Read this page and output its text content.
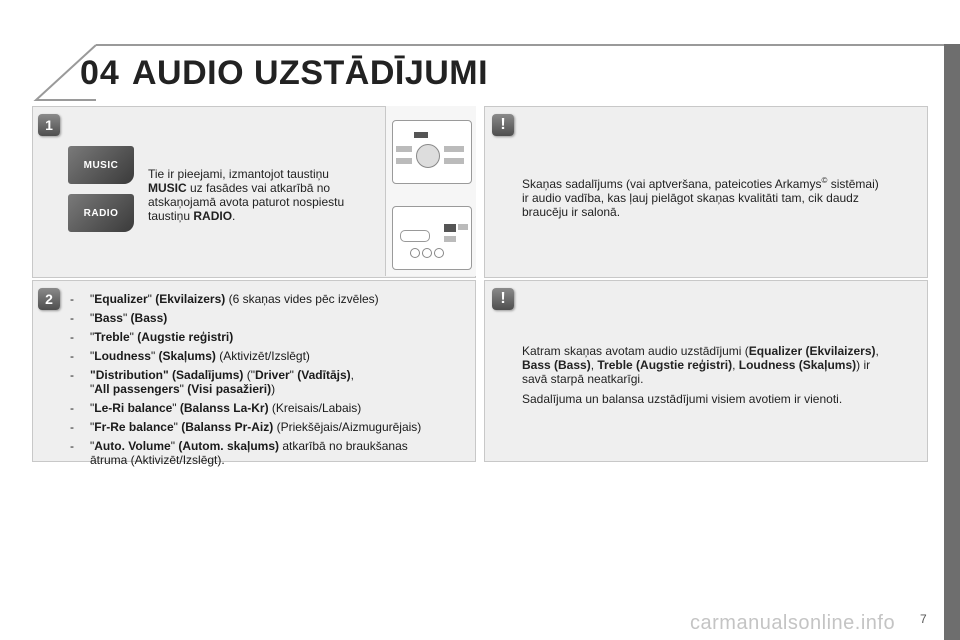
04 AUDIO UZSTĀDĪJUMI
1
MUSIC
RADIO
Tie ir pieejami, izmantojot taustiņu
MUSIC uz fasādes vai atkarībā no
atskaņojamā avota paturot nospiestu
taustiņu RADIO.
!
Skaņas sadalījums (vai aptveršana, pateicoties Arkamys© sistēmai)
ir audio vadība, kas ļauj pielāgot skaņas kvalitāti tam, cik daudz
braucēju ir salonā.
2	- "Equalizer" (Ekvilaizers) (6 skaņas vides pēc izvēles)
- "Bass" (Bass)
- "Treble" (Augstie reģistri)
- "Loudness" (Skaļums) (Aktivizēt/Izslēgt)
- "Distribution" (Sadalījums) ("Driver" (Vadītājs),
"All passengers" (Visi pasažieri))
- "Le-Ri balance" (Balanss La-Kr) (Kreisais/Labais)
- "Fr-Re balance" (Balanss Pr-Aiz) (Priekšējais/Aizmugurējais)
- "Auto. Volume" (Autom. skaļums) atkarībā no braukšanas
ātruma (Aktivizēt/Izslēgt).
!
Katram skaņas avotam audio uzstādījumi (Equalizer (Ekvilaizers),
Bass (Bass), Treble (Augstie reģistri), Loudness (Skaļums)) ir
savā starpā neatkarīgi.
Sadalījuma un balansa uzstādījumi visiem avotiem ir vienoti.
carmanualsonline.info 7
